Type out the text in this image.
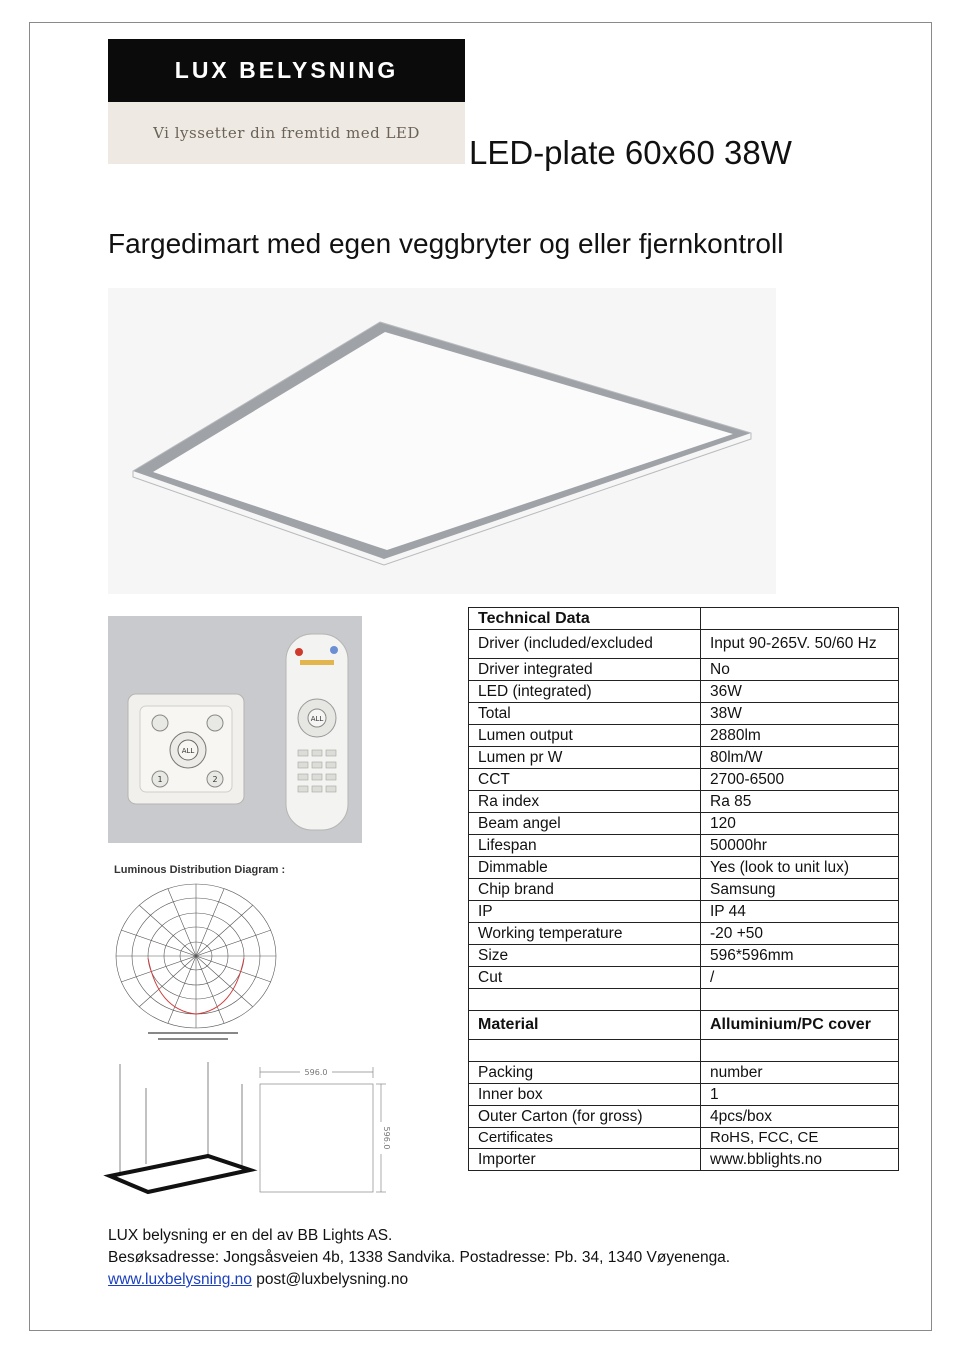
LUX BELYSNING
Vi lyssetter din fremtid med LED
LED-plate 60x60 38W
Fargedimart med egen veggbryter og eller fjernkontroll
ALL
1	2
ALL
Luminous Distribution Diagram :
596.0
596.0
Technical Data	
Driver (included/excluded	Input 90-265V. 50/60 Hz
Driver integrated	No
LED (integrated)	36W
Total	38W
Lumen output	2880lm
Lumen pr W	80lm/W
CCT	2700-6500
Ra index	Ra 85
Beam angel	120
Lifespan	50000hr
Dimmable	Yes (look to unit lux)
Chip brand	Samsung
IP	IP 44
Working temperature	-20 +50
Size	596*596mm
Cut	/

Material	Alluminium/PC cover

Packing	number
Inner box	1
Outer Carton (for gross)	4pcs/box
Certificates	RoHS, FCC, CE
Importer	www.bblights.no
LUX belysning er en del av BB Lights AS.
Besøksadresse: Jongsåsveien 4b, 1338 Sandvika. Postadresse: Pb. 34, 1340 Vøyenenga.
www.luxbelysning.no post@luxbelysning.no
